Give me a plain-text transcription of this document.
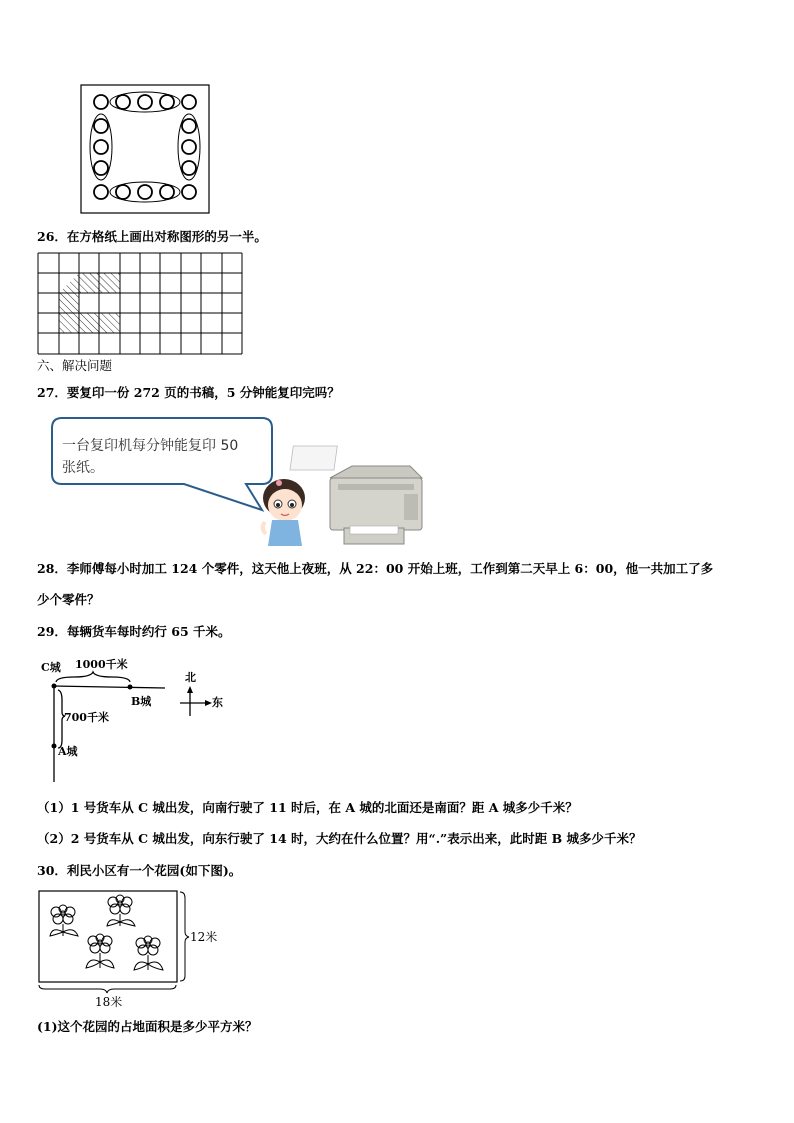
26．在方格纸上画出对称图形的另一半。
六、解决问题
27．要复印一份 272 页的书稿，5 分钟能复印完吗？
一台复印机每分钟能复印 50
张纸。
28．李师傅每小时加工 124 个零件，这天他上夜班，从 22：00 开始上班，工作到第二天早上 6：00，他一共加工了多
少个零件？
29．每辆货车每时约行 65 千米。
C城 1000千米
B城
700千米
A城
北
东
（1）1 号货车从 C 城出发，向南行驶了 11 时后，在 A 城的北面还是南面？距 A 城多少千米？
（2）2 号货车从 C 城出发，向东行驶了 14 时，大约在什么位置？用“.”表示出来，此时距 B 城多少千米？
30．利民小区有一个花园(如下图)。
12米
18米
(1)这个花园的占地面积是多少平方米？
